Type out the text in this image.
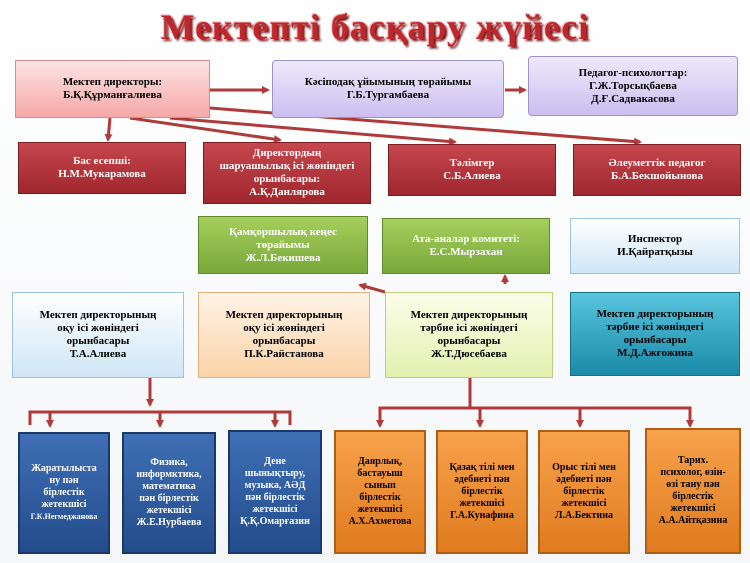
Мектепті басқару жүйесі
Мектеп директоры:
Б.Қ.Құрманғалиева
Кәсіподақ ұйымының төрайымы
Г.Б.Тургамбаева
Педагог-психологтар:
Г.Ж.Торсықбаева
Д.Ғ.Садвакасова
Бас есепші:
Н.М.Мукарамова
Директордың
шаруашылық ісі жөніндегі
орынбасары:
А.Қ.Данлярова
Тәлімгер
С.Б.Алиева
Әлеуметтік педагог
Б.А.Бекшойынова
Қамқоршылық кеңес
төрайымы
Ж.Л.Бекишева
Ата-аналар комитеті:
Е.С.Мырзахан
Инспектор
И.Қайратқызы
Мектеп директорының
оқу ісі жөніндегі
орынбасары
Т.А.Алиева
Мектеп директорының
оқу ісі жөніндегі
орынбасары
П.К.Райстанова
Мектеп директорының
тәрбие ісі жөніндегі
орынбасары
Ж.Т.Дюсебаева
Мектеп директорының
тәрбие ісі жөніндегі
орынбасары
М.Д.Ажғожина
Жаратылыста
ну пән
бірлестік
жетекшісі
Г.К.Негмеджанова
Физика,
информктика,
математика
пән бірлестік
жетекшісі
Ж.Е.Нурбаева
Дене
шынықтыру,
музыка, АӘД
пән бірлестік
жетекшісі
Қ.Қ.Омарғазин
Даярлық,
бастауыш
сынып
бірлестік
жетекшісі
А.Х.Ахметова
Қазақ тілі мен
әдебиеті пән
бірлестік
жетекшісі
Г.А.Кунафина
Орыс тілі мен
әдебиеті пән
бірлестік
жетекшісі
Л.А.Бектина
Тарих.
психолог, өзін-
өзі тану пән
бірлестік
жетекшісі
А.А.Айтқазина
